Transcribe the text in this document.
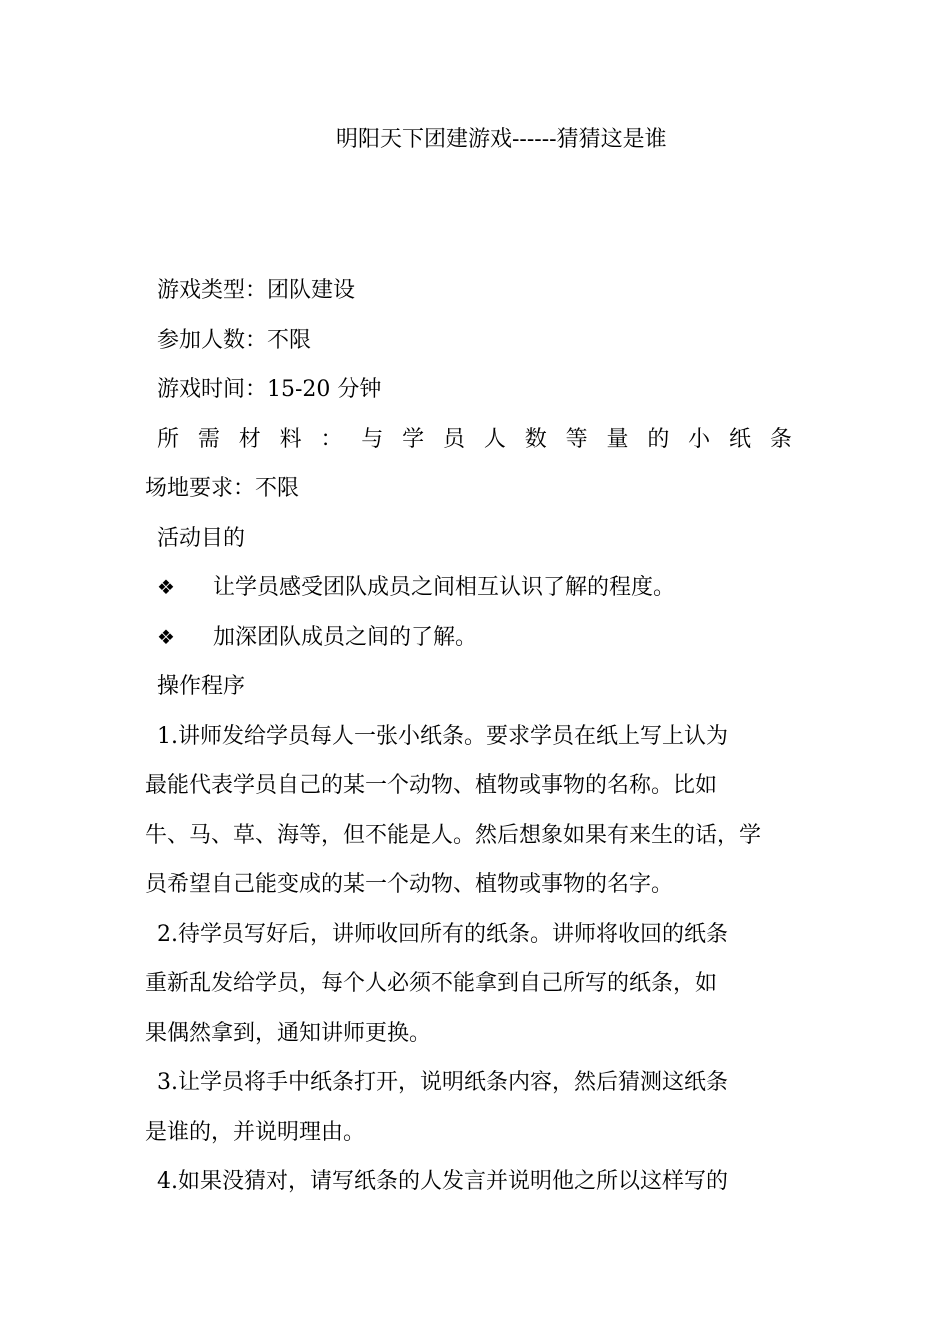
明阳天下团建游戏------猜猜这是谁
游戏类型：团队建设
参加人数：不限
游戏时间：15-20 分钟
所 需 材 料 ： 与 学 员 人 数 等 量 的 小 纸 条
场地要求：不限
活动目的
❖	让学员感受团队成员之间相互认识了解的程度。
❖	加深团队成员之间的了解。
操作程序
1.讲师发给学员每人一张小纸条。要求学员在纸上写上认为
最能代表学员自己的某一个动物、植物或事物的名称。比如
牛、马、草、海等，但不能是人。然后想象如果有来生的话，学
员希望自己能变成的某一个动物、植物或事物的名字。
2.待学员写好后，讲师收回所有的纸条。讲师将收回的纸条
重新乱发给学员，每个人必须不能拿到自己所写的纸条，如
果偶然拿到，通知讲师更换。
3.让学员将手中纸条打开，说明纸条内容，然后猜测这纸条
是谁的，并说明理由。
4.如果没猜对，请写纸条的人发言并说明他之所以这样写的
